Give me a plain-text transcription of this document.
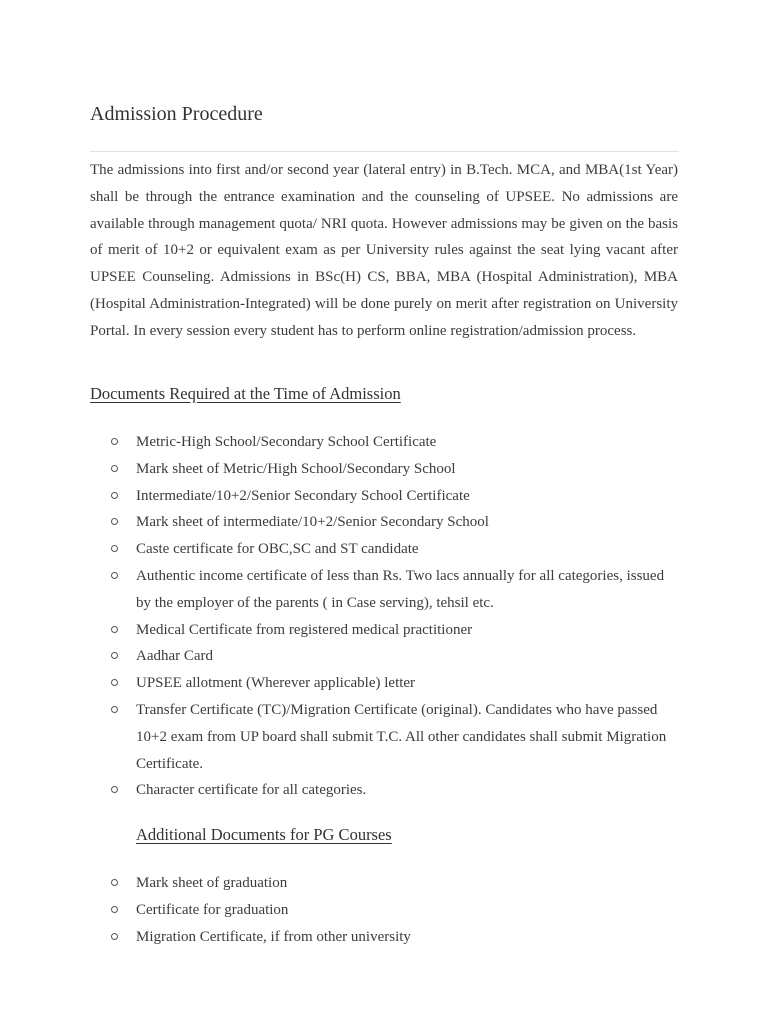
Admission Procedure

The admissions into first and/or second year (lateral entry) in B.Tech. MCA, and MBA(1st Year) shall be through the entrance examination and the counseling of UPSEE. No admissions are available through management quota/ NRI quota. However admissions may be given on the basis of merit of 10+2 or equivalent exam as per University rules against the seat lying vacant after UPSEE Counseling. Admissions in BSc(H) CS, BBA, MBA (Hospital Administration), MBA (Hospital Administration-Integrated) will be done purely on merit after registration on University Portal. In every session every student has to perform online registration/admission process.

Documents Required at the Time of Admission
Metric-High School/Secondary School Certificate
Mark sheet of Metric/High School/Secondary School
Intermediate/10+2/Senior Secondary School Certificate
Mark sheet of intermediate/10+2/Senior Secondary School
Caste certificate for OBC,SC and ST candidate
Authentic income certificate of less than Rs. Two lacs annually for all categories, issued by the employer of the parents ( in Case serving), tehsil etc.
Medical Certificate from registered medical practitioner
Aadhar Card
UPSEE allotment (Wherever applicable) letter
Transfer Certificate (TC)/Migration Certificate (original). Candidates who have passed 10+2 exam from UP board shall submit T.C. All other candidates shall submit Migration Certificate.
Character certificate for all categories.
Additional Documents for PG Courses
Mark sheet of graduation
Certificate for graduation
Migration Certificate, if from other university
